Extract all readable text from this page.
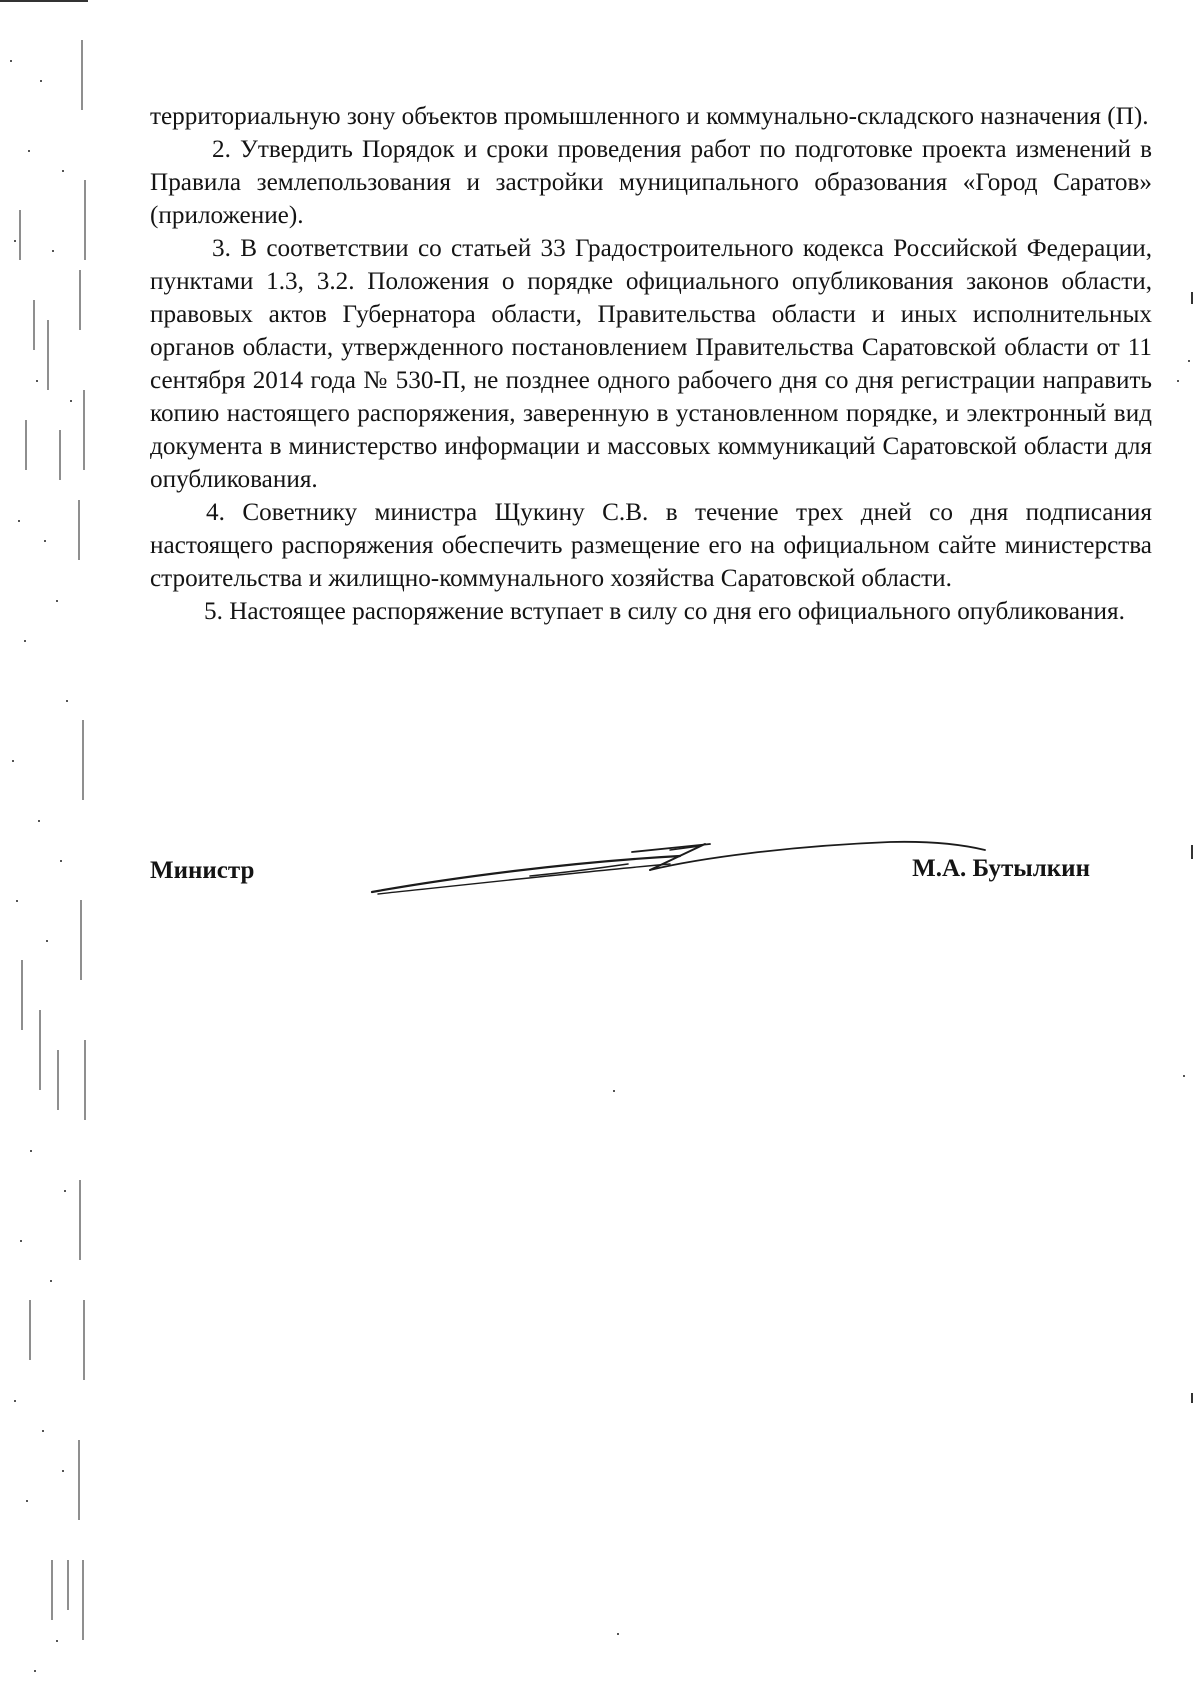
территориальную зону объектов промышленного и коммунально-складского назначения (П).

2. Утвердить Порядок и сроки проведения работ по подготовке проекта изменений в Правила землепользования и застройки муниципального образования «Город Саратов» (приложение).

3. В соответствии со статьей 33 Градостроительного кодекса Российской Федерации, пунктами 1.3, 3.2. Положения о порядке официального опубликования законов области, правовых актов Губернатора области, Правительства области и иных исполнительных органов области, утвержденного постановлением Правительства Саратовской области от 11 сентября 2014 года № 530-П, не позднее одного рабочего дня со дня регистрации направить копию настоящего распоряжения, заверенную в установленном порядке, и электронный вид документа в министерство информации и массовых коммуникаций Саратовской области для опубликования.

4. Советнику министра Щукину С.В. в течение трех дней со дня подписания настоящего распоряжения обеспечить размещение его на официальном сайте министерства строительства и жилищно-коммунального хозяйства Саратовской области.

5. Настоящее распоряжение вступает в силу со дня его официального опубликования.

Министр	М.А. Бутылкин
